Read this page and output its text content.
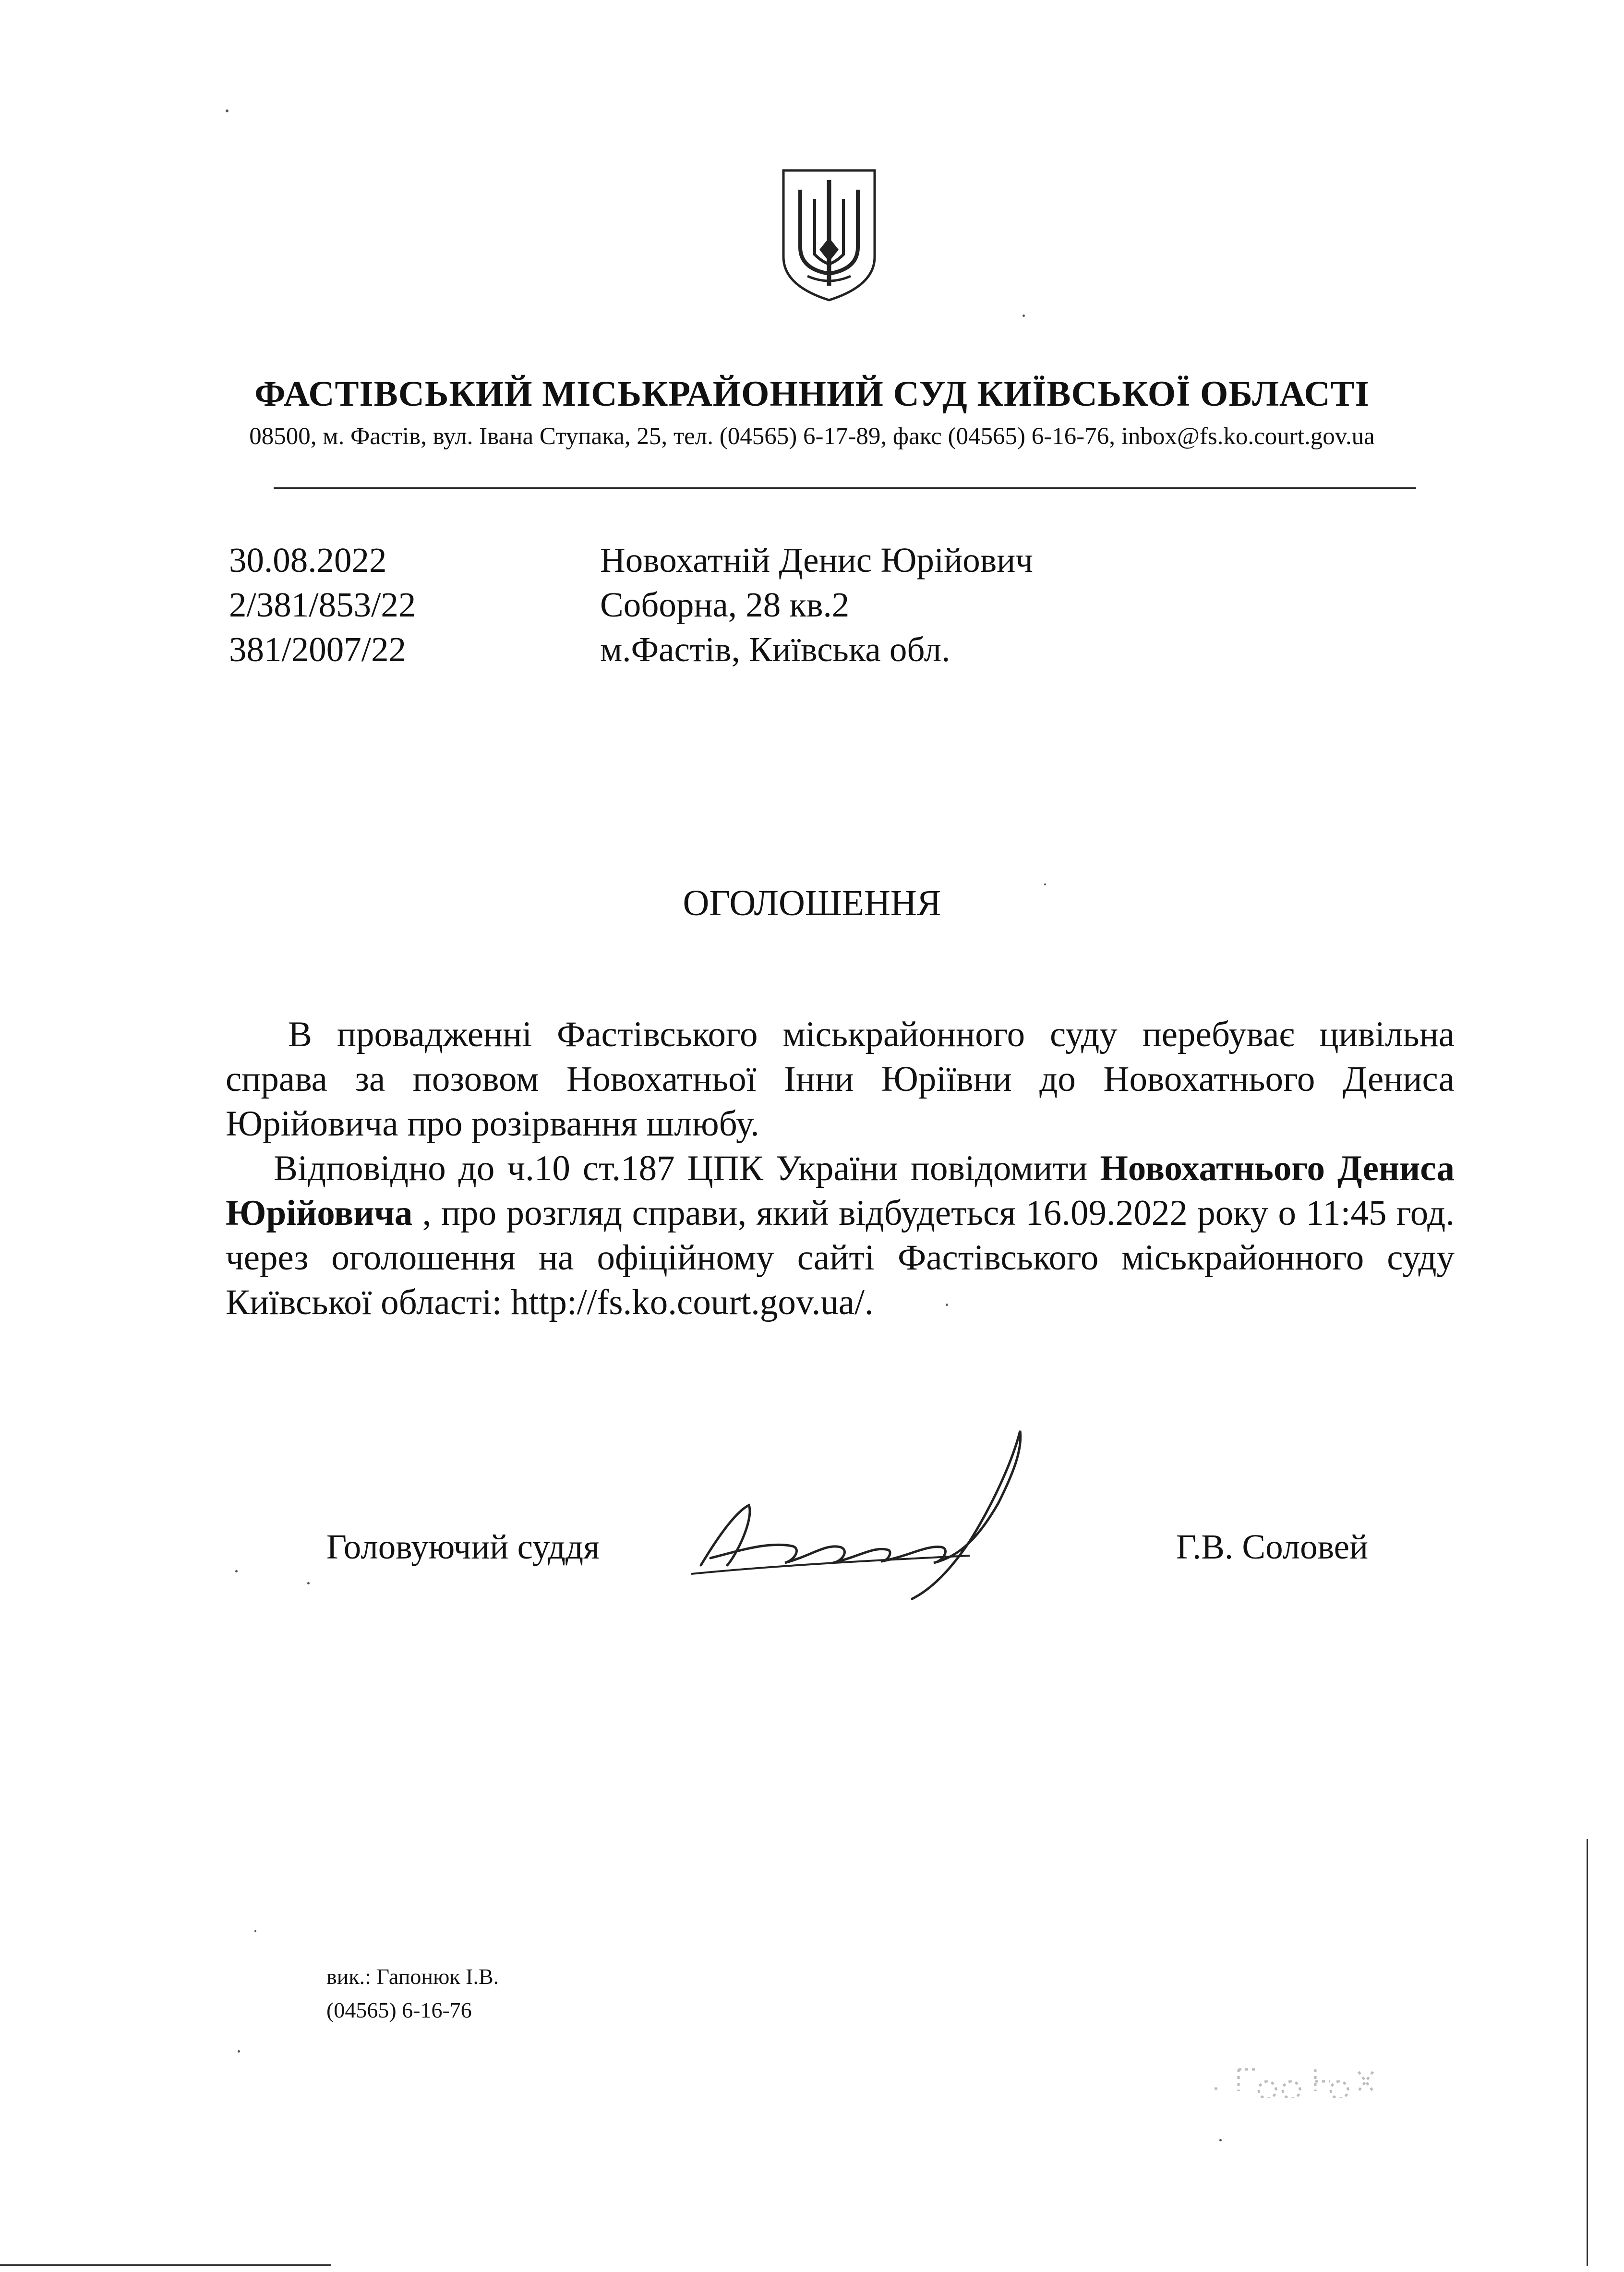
ФАСТІВСЬКИЙ МІСЬКРАЙОННИЙ СУД КИЇВСЬКОЇ ОБЛАСТІ
08500, м. Фастів, вул. Івана Ступака, 25, тел. (04565) 6-17-89, факс (04565) 6-16-76, inbox@fs.ko.court.gov.ua
30.08.2022
2/381/853/22
381/2007/22
Новохатній Денис Юрійович
Соборна, 28 кв.2
м.Фастів, Київська обл.
ОГОЛОШЕННЯ

В провадженні Фастівського міськрайонного суду перебуває цивільна справа за позовом Новохатньої Інни Юріївни до Новохатнього Дениса Юрійовича про розірвання шлюбу.

Відповідно до ч.10 ст.187 ЦПК України повідомити Новохатнього Дениса Юрійовича , про розгляд справи, який відбудеться 16.09.2022 року о 11:45 год. через оголошення на офіційному сайті Фастівського міськрайонного суду Київської області: http://fs.ko.court.gov.ua/.

Головуючий суддя	Г.В. Соловей
вик.: Гапонюк І.В.
(04565) 6-16-76
